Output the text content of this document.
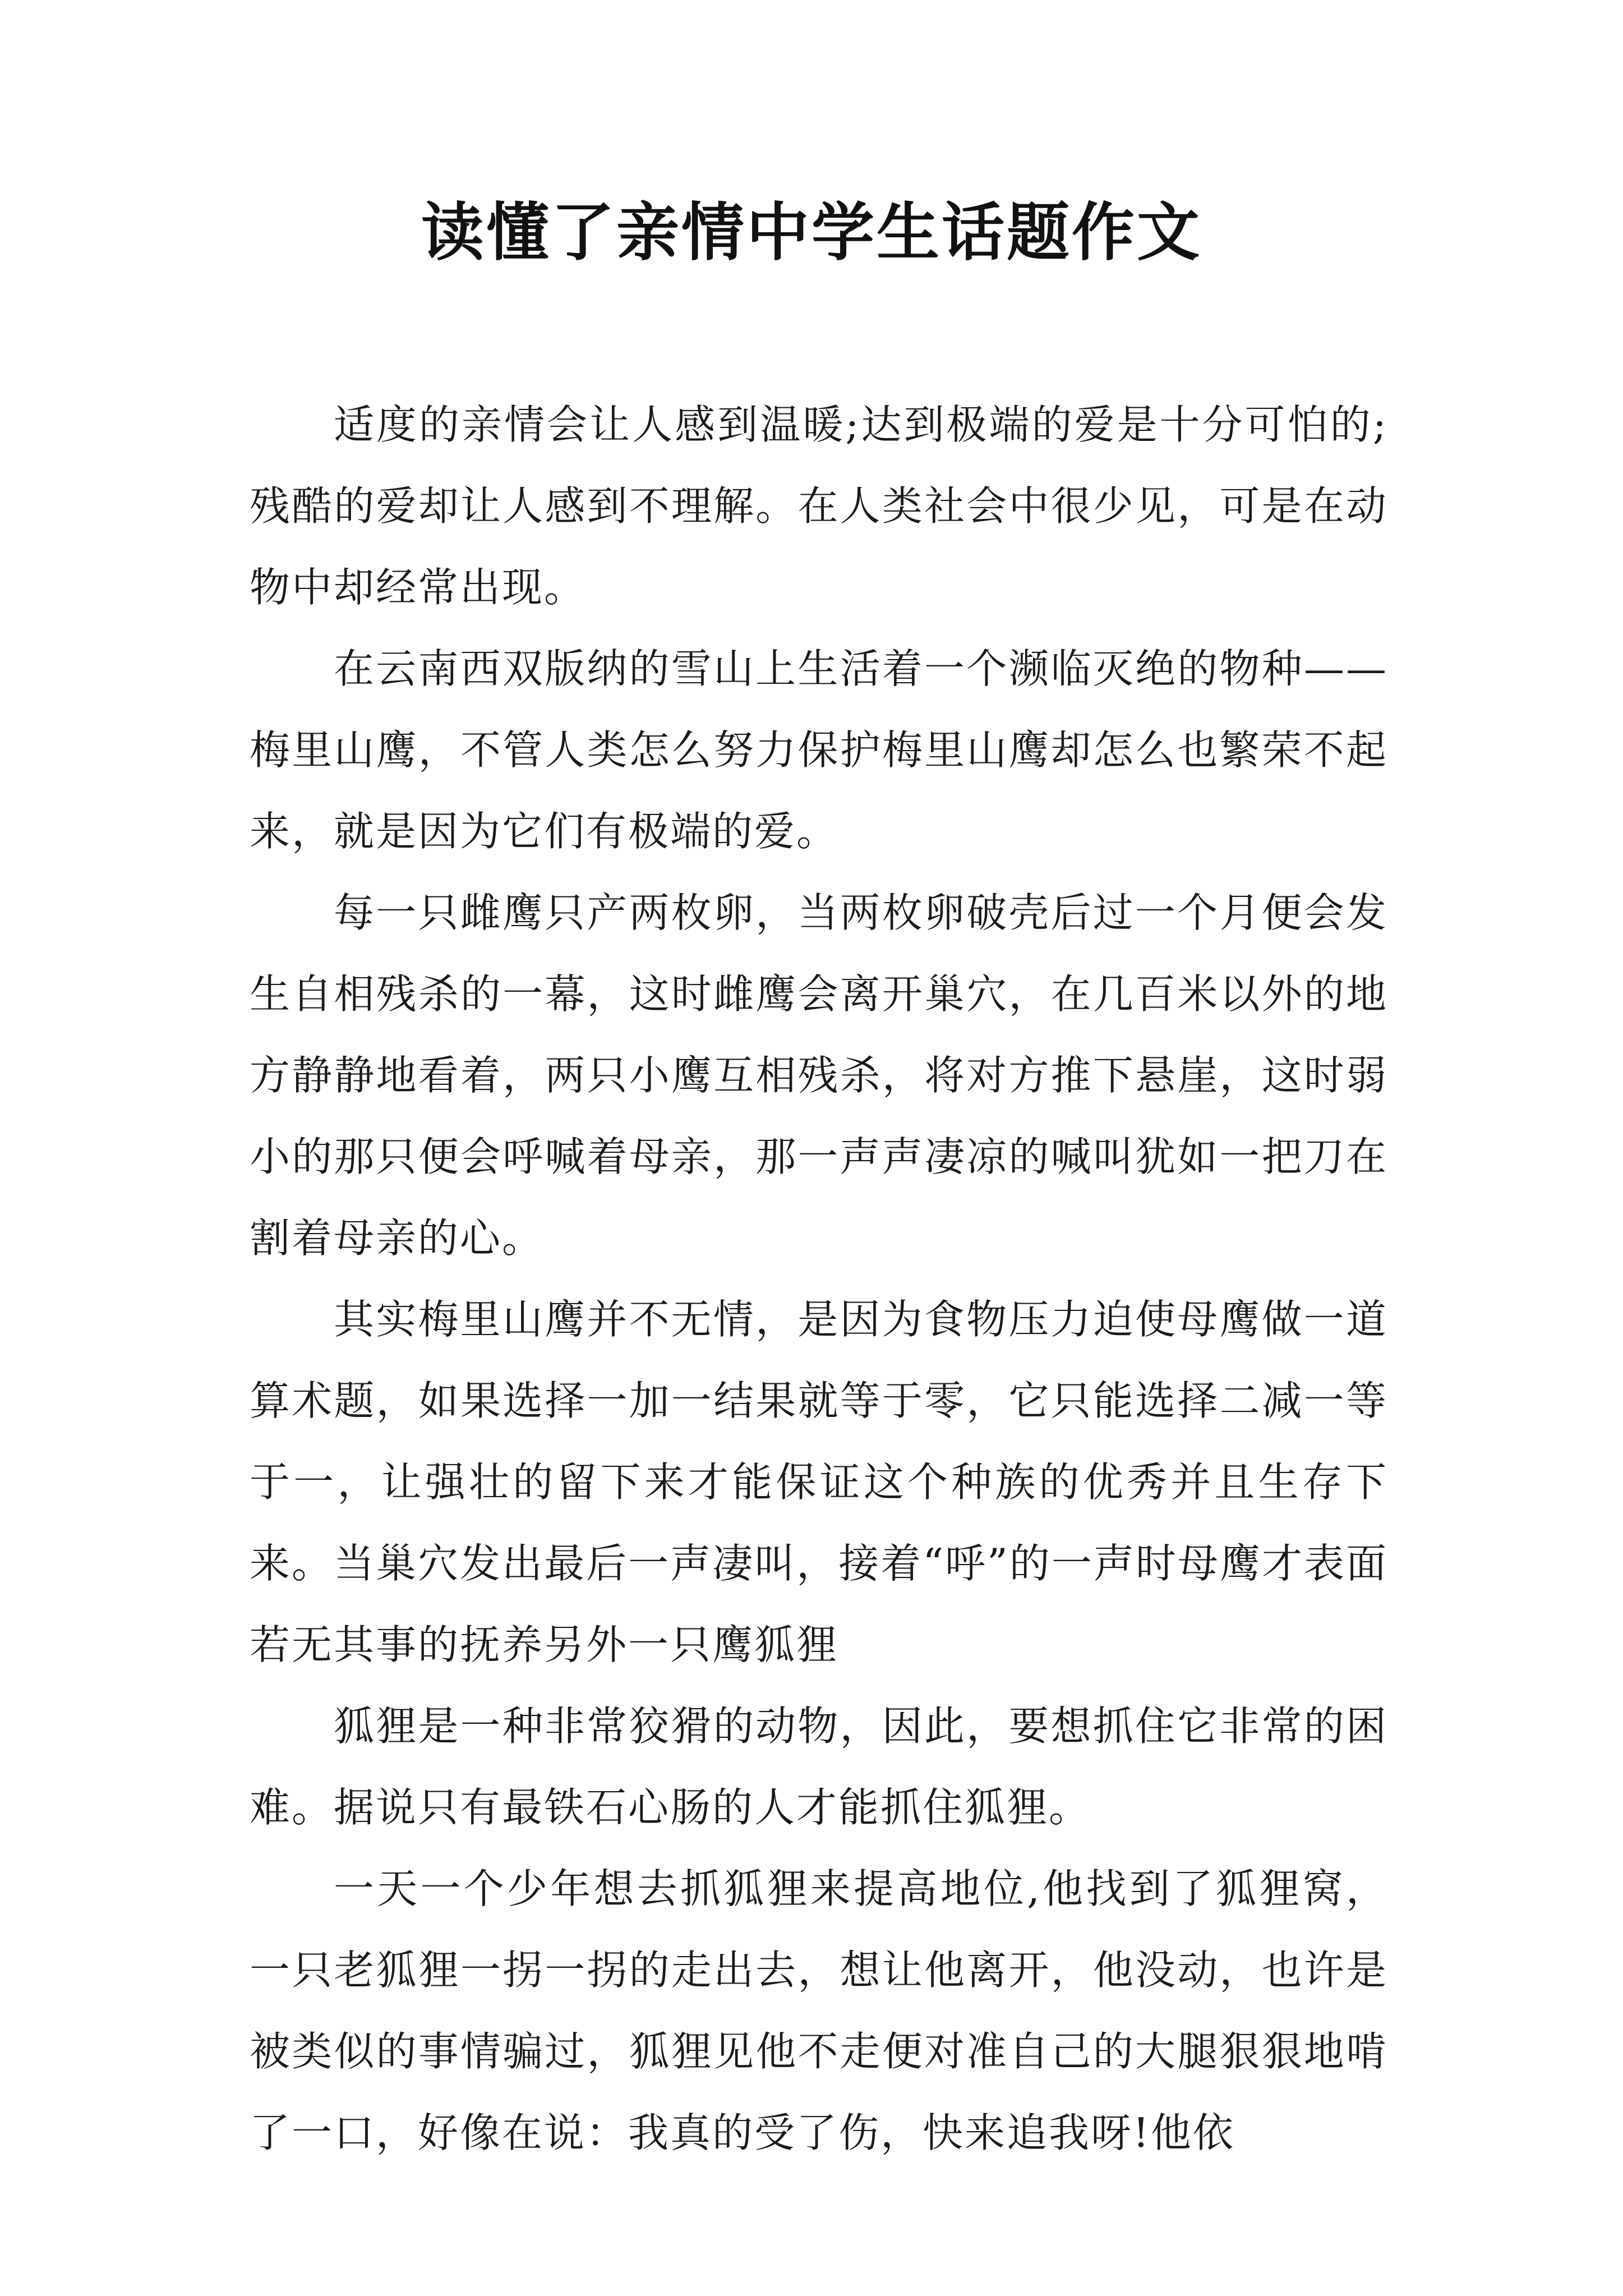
读懂了亲情中学生话题作文

适度的亲情会让人感到温暖;达到极端的爱是十分可怕的;残酷的爱却让人感到不理解。在人类社会中很少见，可是在动物中却经常出现。

在云南西双版纳的雪山上生活着一个濒临灭绝的物种——梅里山鹰，不管人类怎么努力保护梅里山鹰却怎么也繁荣不起来，就是因为它们有极端的爱。

每一只雌鹰只产两枚卵，当两枚卵破壳后过一个月便会发生自相残杀的一幕，这时雌鹰会离开巢穴，在几百米以外的地方静静地看着，两只小鹰互相残杀，将对方推下悬崖，这时弱小的那只便会呼喊着母亲，那一声声凄凉的喊叫犹如一把刀在割着母亲的心。

其实梅里山鹰并不无情，是因为食物压力迫使母鹰做一道算术题，如果选择一加一结果就等于零，它只能选择二减一等于一，让强壮的留下来才能保证这个种族的优秀并且生存下来。当巢穴发出最后一声凄叫，接着“呼”的一声时母鹰才表面若无其事的抚养另外一只鹰狐狸

狐狸是一种非常狡猾的动物，因此，要想抓住它非常的困难。据说只有最铁石心肠的人才能抓住狐狸。

一天一个少年想去抓狐狸来提高地位,他找到了狐狸窝，一只老狐狸一拐一拐的走出去，想让他离开，他没动，也许是被类似的事情骗过，狐狸见他不走便对准自己的大腿狠狠地啃了一口，好像在说：我真的受了伤，快来追我呀!他依
